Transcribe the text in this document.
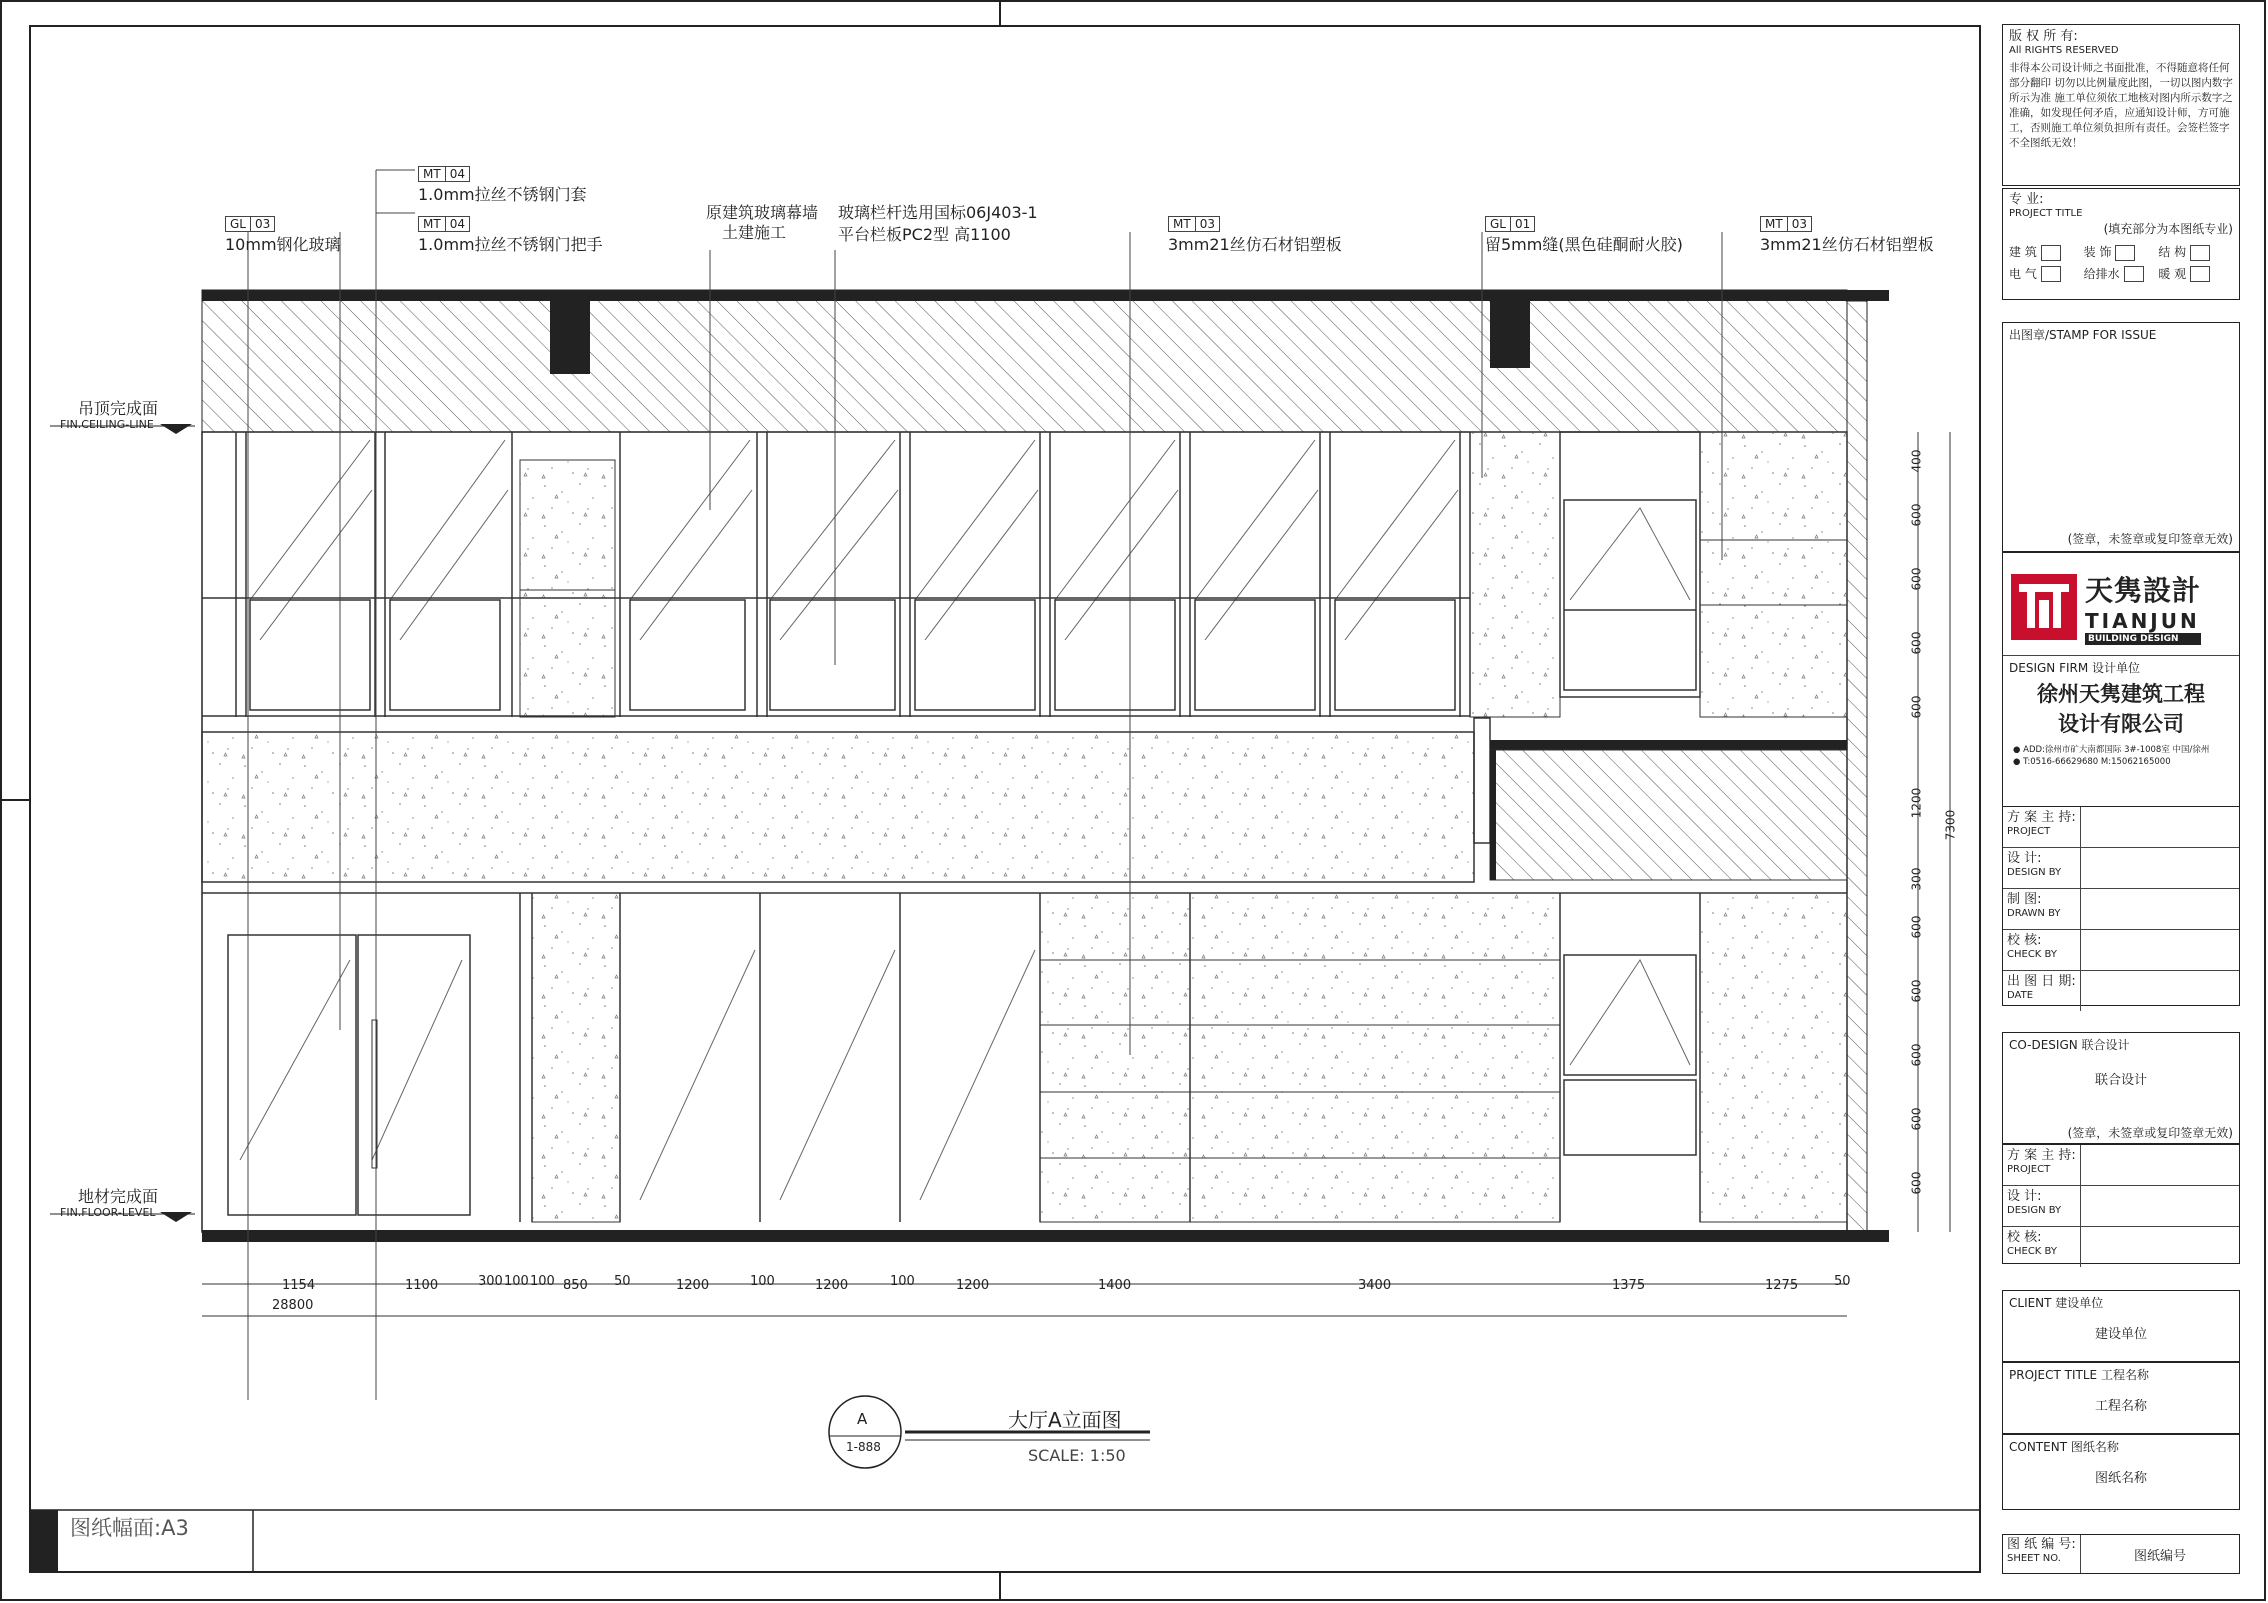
吊顶完成面
FIN.CEILING-LINE
地材完成面
FIN.FLOOR-LEVEL
GL 03
10mm钢化玻璃
MT 04
1.0mm拉丝不锈钢门套
MT 04
1.0mm拉丝不锈钢门把手
原建筑玻璃幕墙
土建施工
玻璃栏杆选用国标06J403-1
平台栏板PC2型 高1100
MT 03
3mm21丝仿石材铝塑板
GL 01
留5mm缝(黑色硅酮耐火胶)
MT 03
3mm21丝仿石材铝塑板
1154	1100	300 100 100 850 50	1200	100	1200	100	1200	1400	3400	1375	1275	50
28800
400
600
600
600
600
1200
300
600
600
600
600
600
7300
A
1-888
大厅A立面图
SCALE: 1:50
图纸幅面:A3
版 权 所 有:
All RIGHTS RESERVED
非得本公司设计师之书面批准，不得随意将任何部分翻印 切勿以比例量度此图，一切以图内数字所示为准 施工单位须依工地核对图内所示数字之准确，如发现任何矛盾，应通知设计师，方可施工，否则施工单位须负担所有责任。会签栏签字不全图纸无效！
专 业:
PROJECT TITLE
(填充部分为本图纸专业)
建 筑	装 饰	结 构
电 气	给排水	暖 观
出图章/STAMP FOR ISSUE
(签章，未签章或复印签章无效)
天隽設計
TIANJUN
BUILDING DESIGN
DESIGN FIRM 设计单位
徐州天隽建筑工程
设计有限公司
● ADD:徐州市矿大南都国际 3#-1008室 中国/徐州
● T:0516-66629680 M:15062165000
方 案 主 持:
PROJECT
设 计:
DESIGN BY
制 图:
DRAWN BY
校 核:
CHECK BY
出 图 日 期:
DATE
CO-DESIGN 联合设计
联合设计
(签章，未签章或复印签章无效)
方 案 主 持:
PROJECT
设 计:
DESIGN BY
校 核:
CHECK BY
CLIENT 建设单位
建设单位
PROJECT TITLE 工程名称
工程名称
CONTENT 图纸名称
图纸名称
图 纸 编 号:
SHEET NO.	图纸编号
